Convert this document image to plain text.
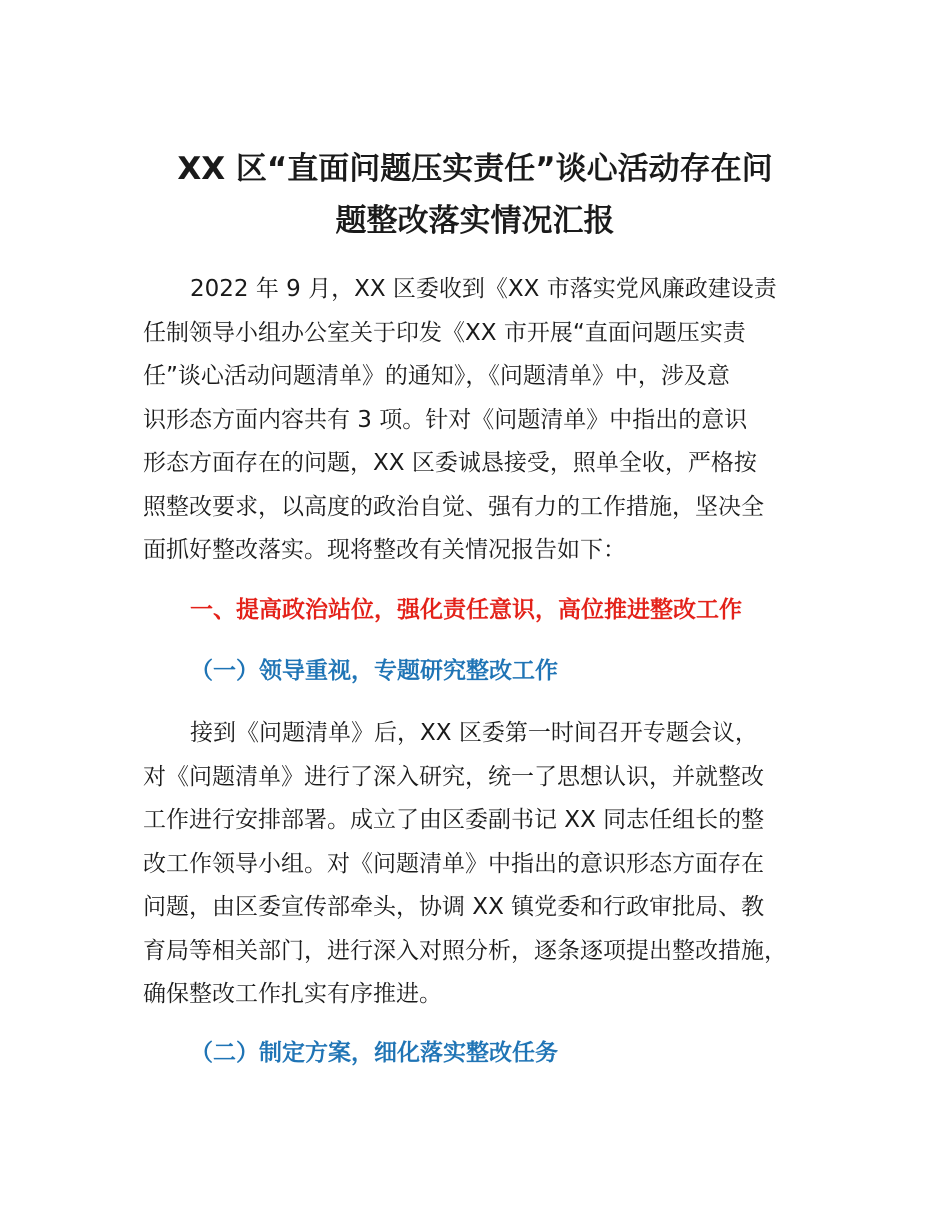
XX 区“直面问题压实责任”谈心活动存在问
题整改落实情况汇报
2022 年 9 月，XX 区委收到《XX 市落实党风廉政建设责
任制领导小组办公室关于印发《XX 市开展“直面问题压实责
任”谈心活动问题清单》的通知》，《问题清单》中，涉及意
识形态方面内容共有 3 项。针对《问题清单》中指出的意识
形态方面存在的问题，XX 区委诚恳接受，照单全收，严格按
照整改要求，以高度的政治自觉、强有力的工作措施，坚决全
面抓好整改落实。现将整改有关情况报告如下：
一、提高政治站位，强化责任意识，高位推进整改工作
（一）领导重视，专题研究整改工作
接到《问题清单》后，XX 区委第一时间召开专题会议，
对《问题清单》进行了深入研究，统一了思想认识，并就整改
工作进行安排部署。成立了由区委副书记 XX 同志任组长的整
改工作领导小组。对《问题清单》中指出的意识形态方面存在
问题，由区委宣传部牵头，协调 XX 镇党委和行政审批局、教
育局等相关部门，进行深入对照分析，逐条逐项提出整改措施，
确保整改工作扎实有序推进。
（二）制定方案，细化落实整改任务
